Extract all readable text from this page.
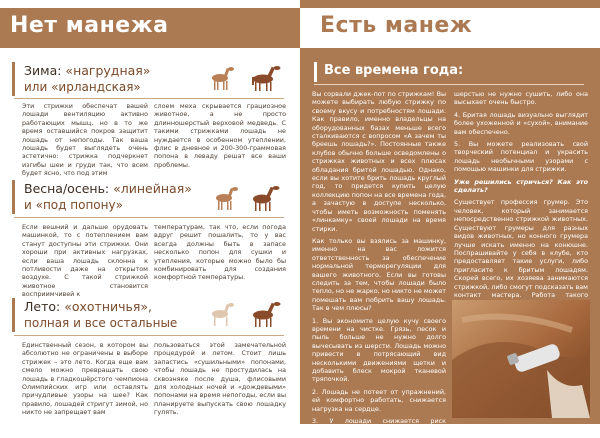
Нет манежа
Зима: «нагрудная»
или «ирландская»
Эти стрижки обеспечат вашей лошади вентиляцию активно работающих мышц, но в то же время оставшийся покров защитит лошадь от непогоды. Так ваша лошадь будет выглядеть очень эстетично: стрижка подчеркнет изгибы шеи и груди так, что всем будет ясно, что под этим
слоем меха скрывается грациозное животное, а не просто длинношерстый верховой медведь. С такими стрижками лошадь не нуждается в особенном утеплении, флис в дневное и 200-300-граммовая попона в леваду решат все ваши проблемы.
Весна/осень: «линейная»
и «под попону»
Если вешний и дальше орудовать машинкой, то с потеплением вам станут доступны эти стрижки. Они хороши при активных нагрузках, если ваша лошадь склонна к потливости даже на открытом воздухе. С такой стрижкой животное становится восприимчивей к
температурам, так что, если погода вдруг решит пошалить, то у вас всегда должны быть в запасе несколько попон для сушки и утепления, которые можно было бы комбинировать для создания комфортной температуры.
Лето: «охотничья»,
полная и все остальные
Единственный сезон, в котором вы абсолютно не ограничены в выборе стрижек – это лето. Когда еще вам смело можно превращать свою лошадь в гладкошёрстого чемпиона Олимпийских игр или оставлять причудливые узоры на шее? Как правило, лошадей стригут зимой, но никто не запрещает вам
пользоваться этой замечательной процедурой и летом. Стоит лишь запастись «сушильными» попонами, чтобы лошадь не простудилась на сквозняке после душа, флисовыми для холодных ночей и «дождевыми» попонами на время непогоды, если вы планируете выпускать свою лошадку гулять.
Есть манеж
Все времена года:

Вы сорвали джек-пот по стрижкам! Вы можете выбирать любую стрижку по своему вкусу и потребностям лошади. Как правило, именно владельцы на оборудованных базах меньше всего сталкиваются с вопросом «А зачем ты бреешь лошадь?». Постоянные также клубов обычно больше осведомлены о стрижках животных и всех плюсах обладания бритой лошадью. Однако, если вы хотите брить лошадь круглый год, то придется купить целую коллекцию попон на все времена года, а зачастую в доступе несколько, чтобы иметь возможность поменять «линкамку» своей лошади на время стирки.

Как только вы взялись за машинку, именно на вас ложится ответственность за обеспечение нормальной терморегуляции для вашего животного. Если вы готовы следить за тем, чтобы лошади было тепло, но не жарко, но никто не может помешать вам побрить вашу лошадь. Так в чем плюсы?

1. Вы экономите целую кучу своего времени на чистке. Грязь, песок и пыль больше не нужно долго вычесывать из шерсти. Лошадь можно привести в потрясающий вид несколькими движениями щетки и добавить блеск мокрой тканевой тряпочкой.

2. Лошадь не потеет от упражнений, ей комфортно работать, снижается нагрузка на сердце.

3. У лошади снижается риск простудиться, ведь лошадь с короткой

шерстью не нужно сушить, либо она высыхает очень быстро.

4. Бритая лошадь визуально выглядит более ухоженной и «сухой», внимание вам обеспечено.

5. Вы можете реализовать свой творческий потенциал и украсить лошадь необычными узорами с помощью машинки для стрижки.

Уже решились стричься? Как это сделать?

Существует профессия грумер. Это человек, который занимается непосредственно стрижкой животных. Существуют грумеры для разных видов животных, но конного грумера лучше искать именно на конюшне. Поспрашивайте у себя в клубе, кто предоставляет такие услуги, либо пригласите к бритым лошадям. Скорей всего, их хозяева занимаются стрижкой, либо смогут подсказать вам контакт мастера. Работа такого
